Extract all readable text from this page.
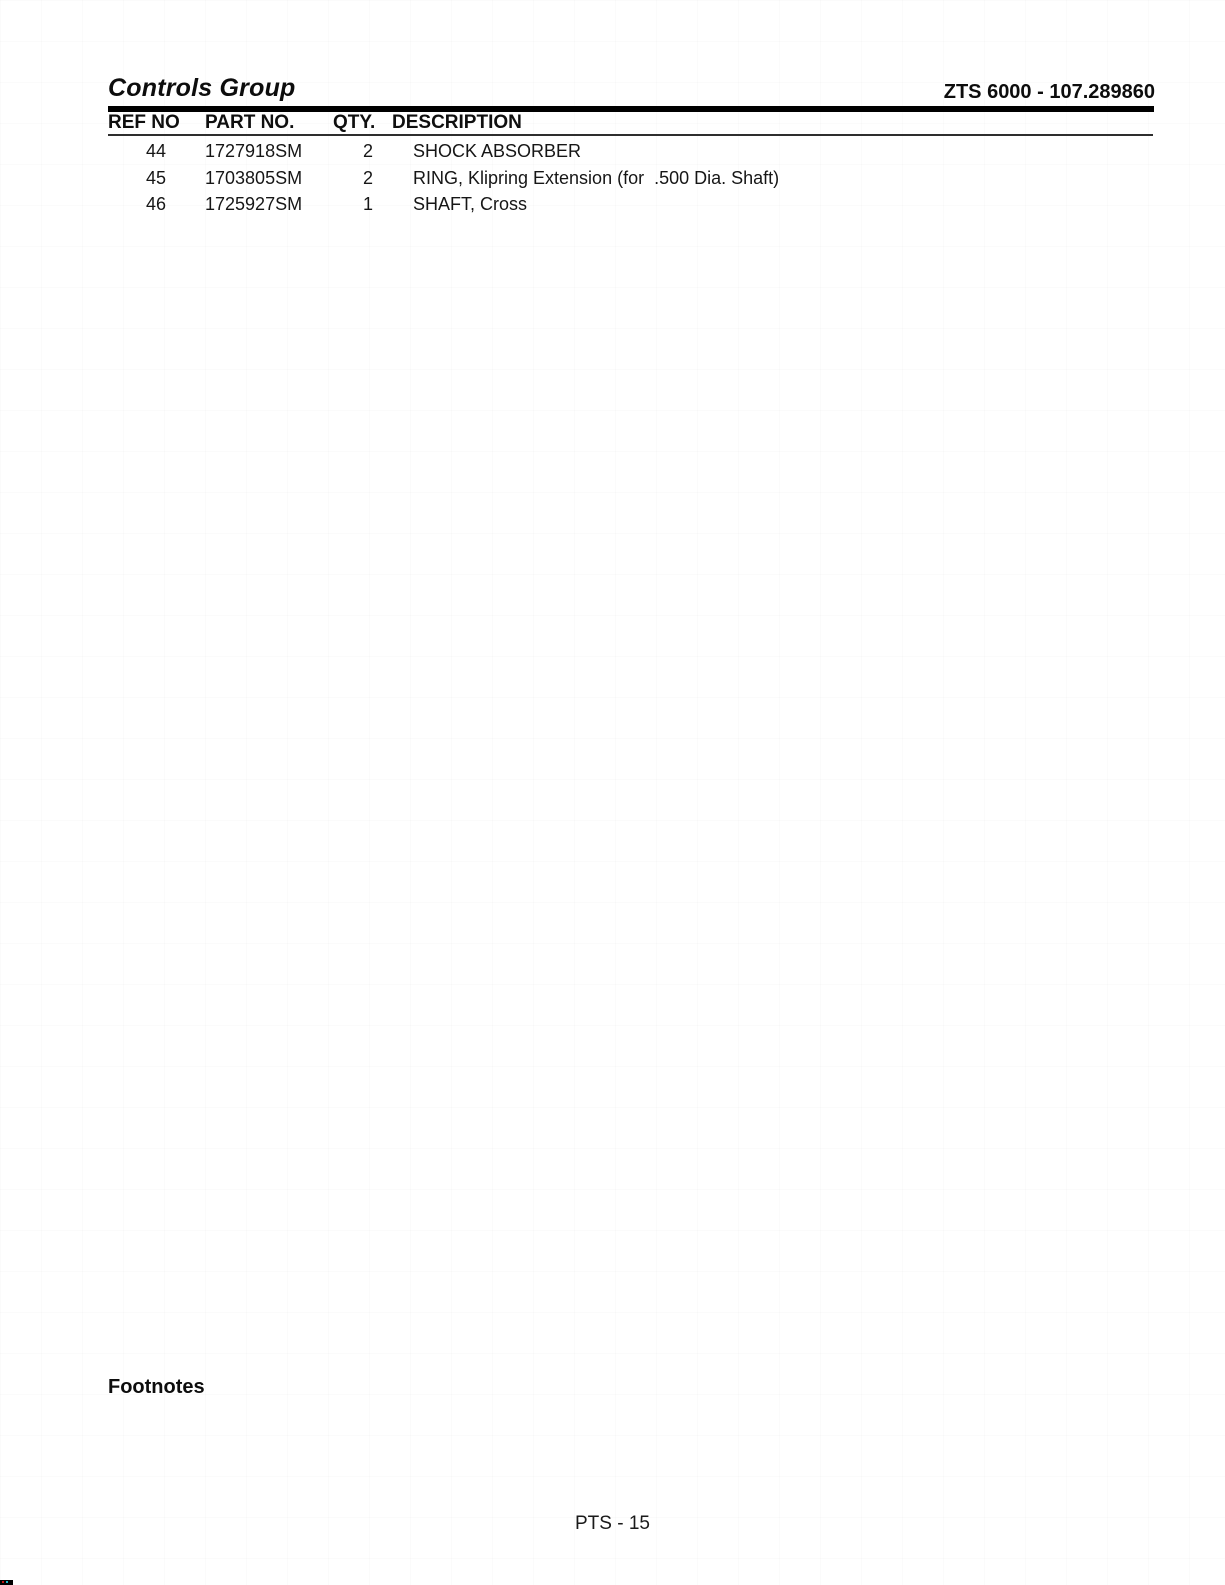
Controls Group	ZTS 6000 - 107.289860
REF NO	PART NO.	QTY. DESCRIPTION
44	1727918SM	2	SHOCK ABSORBER
45	1703805SM	2	RING, Klipring Extension (for  .500 Dia. Shaft)
46	1725927SM	1	SHAFT, Cross
Footnotes
PTS - 15
